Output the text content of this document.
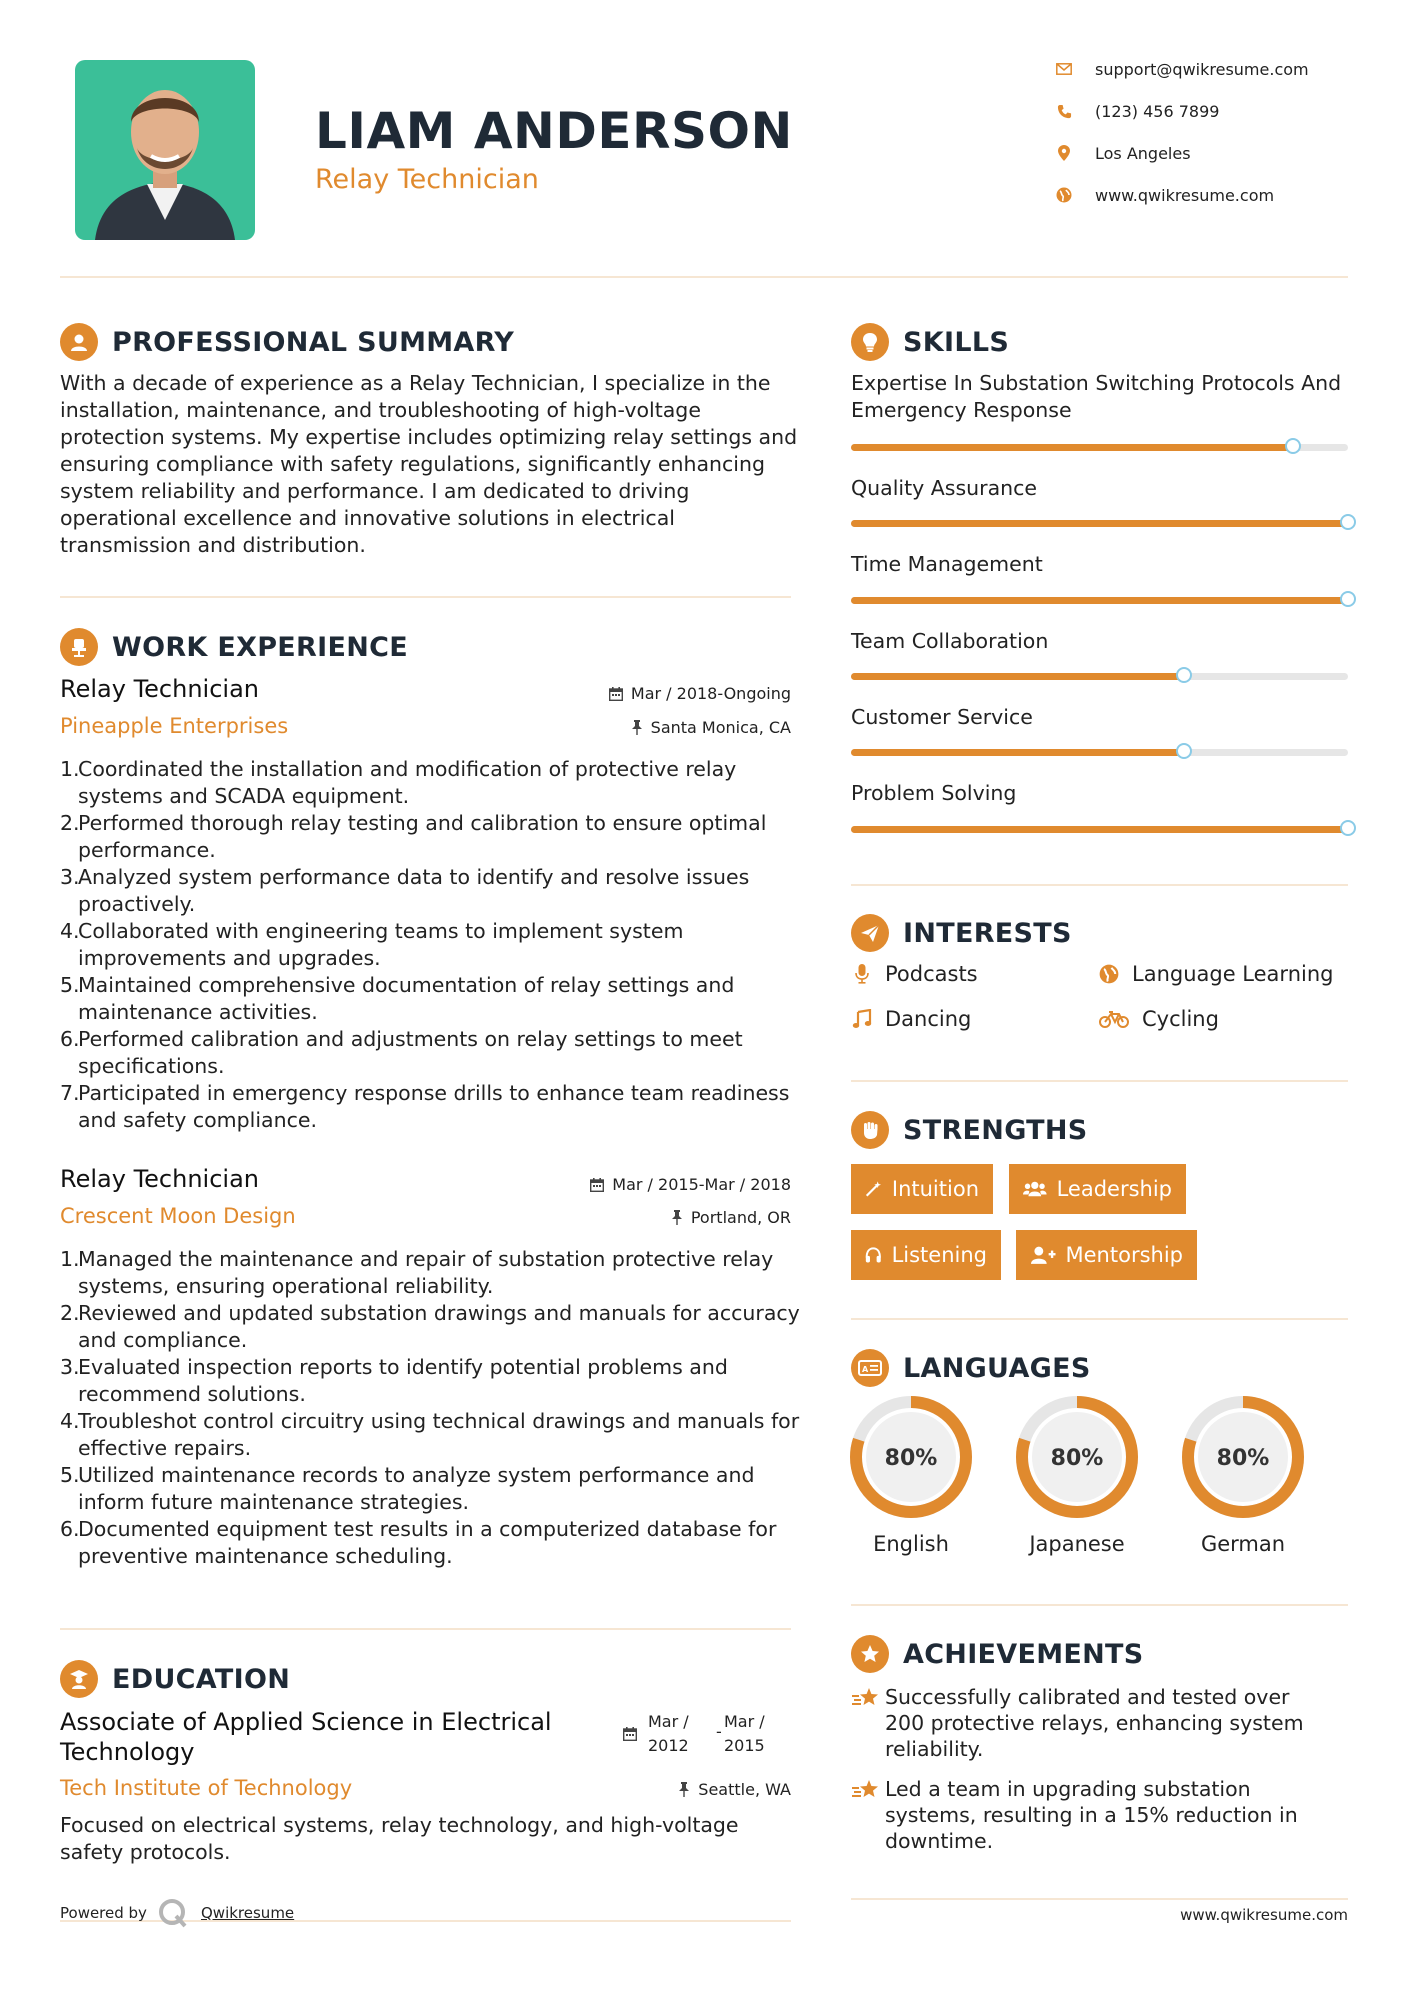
LIAM ANDERSON
Relay Technician
support@qwikresume.com
(123) 456 7899
Los Angeles
www.qwikresume.com
PROFESSIONAL SUMMARY
With a decade of experience as a Relay Technician, I specialize in the installation, maintenance, and troubleshooting of high-voltage protection systems. My expertise includes optimizing relay settings and ensuring compliance with safety regulations, significantly enhancing system reliability and performance. I am dedicated to driving operational excellence and innovative solutions in electrical transmission and distribution.
WORK EXPERIENCE
Relay Technician	Mar / 2018-Ongoing
Pineapple Enterprises	Santa Monica, CA
Coordinated the installation and modification of protective relay systems and SCADA equipment.
Performed thorough relay testing and calibration to ensure optimal performance.
Analyzed system performance data to identify and resolve issues proactively.
Collaborated with engineering teams to implement system improvements and upgrades.
Maintained comprehensive documentation of relay settings and maintenance activities.
Performed calibration and adjustments on relay settings to meet specifications.
Participated in emergency response drills to enhance team readiness and safety compliance.
Relay Technician	Mar / 2015-Mar / 2018
Crescent Moon Design	Portland, OR
Managed the maintenance and repair of substation protective relay systems, ensuring operational reliability.
Reviewed and updated substation drawings and manuals for accuracy and compliance.
Evaluated inspection reports to identify potential problems and recommend solutions.
Troubleshot control circuitry using technical drawings and manuals for effective repairs.
Utilized maintenance records to analyze system performance and inform future maintenance strategies.
Documented equipment test results in a computerized database for preventive maintenance scheduling.
EDUCATION
Associate of Applied Science in Electrical Technology
Mar /
2012
-
Mar /
2015
Tech Institute of Technology	Seattle, WA
Focused on electrical systems, relay technology, and high-voltage safety protocols.
Powered by	Qwikresume
SKILLS
Expertise In Substation Switching Protocols And Emergency Response
Quality Assurance
Time Management
Team Collaboration
Customer Service
Problem Solving
INTERESTS
Podcasts	Language Learning
Dancing	Cycling
STRENGTHS
Intuition	Leadership
Listening	Mentorship
A LANGUAGES
80%
English
80%
Japanese
80%
German
ACHIEVEMENTS
Successfully calibrated and tested over 200 protective relays, enhancing system reliability.
Led a team in upgrading substation systems, resulting in a 15% reduction in downtime.
www.qwikresume.com
